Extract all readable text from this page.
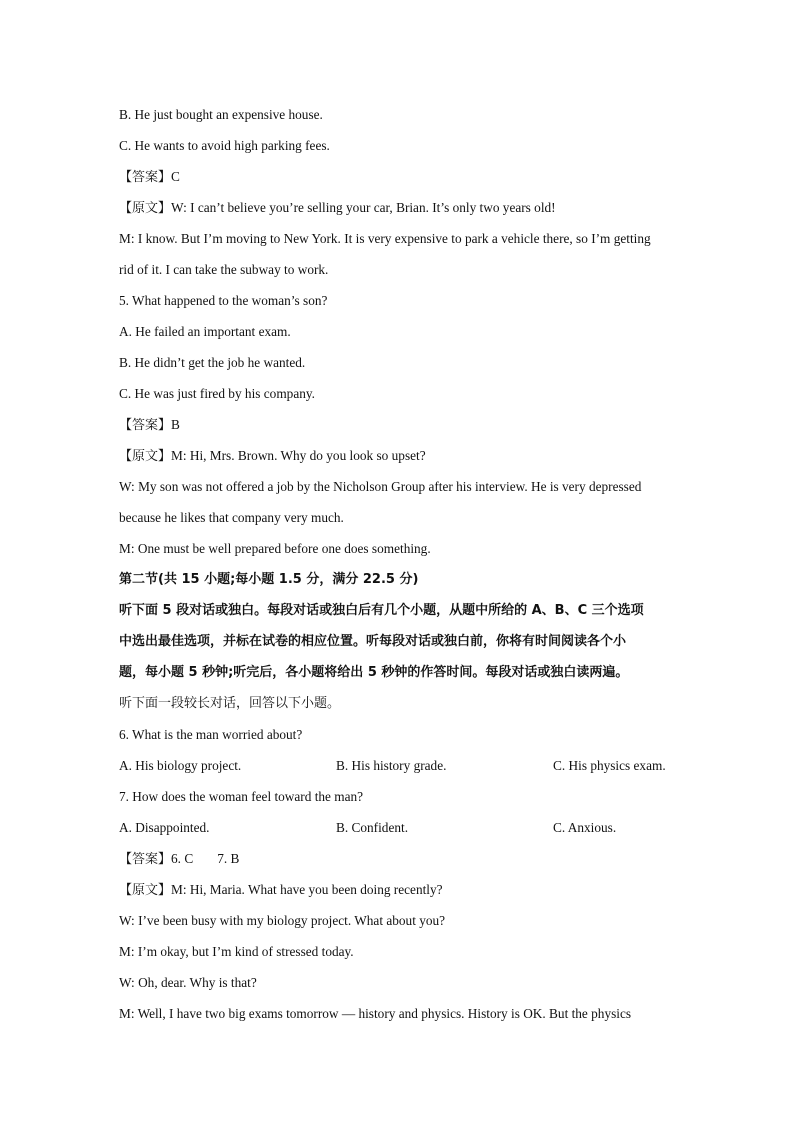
B. He just bought an expensive house.
C. He wants to avoid high parking fees.
【答案】C
【原文】W: I can’t believe you’re selling your car, Brian. It’s only two years old!
M: I know. But I’m moving to New York. It is very expensive to park a vehicle there, so I’m getting
rid of it. I can take the subway to work.
5. What happened to the woman’s son?
A. He failed an important exam.
B. He didn’t get the job he wanted.
C. He was just fired by his company.
【答案】B
【原文】M: Hi, Mrs. Brown. Why do you look so upset?
W: My son was not offered a job by the Nicholson Group after his interview. He is very depressed
because he likes that company very much.
M: One must be well prepared before one does something.
第二节(共 15 小题;每小题 1.5 分，满分 22.5 分)
听下面 5 段对话或独白。每段对话或独白后有几个小题，从题中所给的 A、B、C 三个选项
中选出最佳选项，并标在试卷的相应位置。听每段对话或独白前，你将有时间阅读各个小
题，每小题 5 秒钟;听完后，各小题将给出 5 秒钟的作答时间。每段对话或独白读两遍。
听下面一段较长对话，回答以下小题。
6. What is the man worried about?
A. His biology project.	B. His history grade.	C. His physics exam.
7. How does the woman feel toward the man?
A. Disappointed.	B. Confident.	C. Anxious.
【答案】6. C 7. B
【原文】M: Hi, Maria. What have you been doing recently?
W: I’ve been busy with my biology project. What about you?
M: I’m okay, but I’m kind of stressed today.
W: Oh, dear. Why is that?
M: Well, I have two big exams tomorrow — history and physics. History is OK. But the physics
